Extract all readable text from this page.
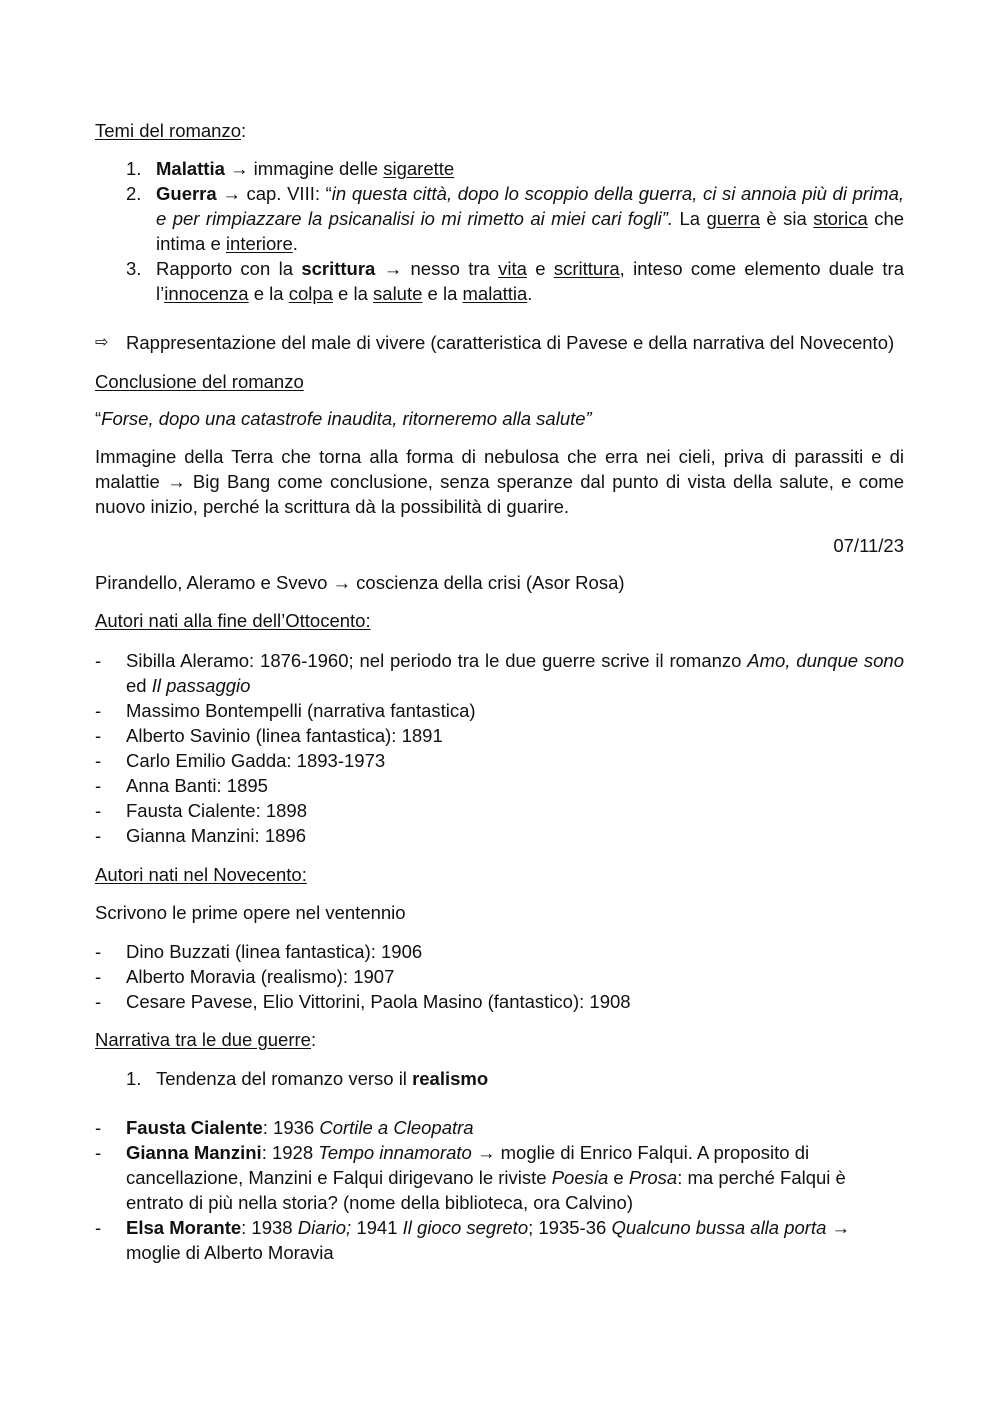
Temi del romanzo:

1. Malattia → immagine delle sigarette
2. Guerra → cap. VIII: “in questa città, dopo lo scoppio della guerra, ci si annoia più di prima, e per rimpiazzare la psicanalisi io mi rimetto ai miei cari fogli”. La guerra è sia storica che intima e interiore.
3. Rapporto con la scrittura → nesso tra vita e scrittura, inteso come elemento duale tra l’innocenza e la colpa e la salute e la malattia.

⇨ Rappresentazione del male di vivere (caratteristica di Pavese e della narrativa del Novecento)

Conclusione del romanzo

“Forse, dopo una catastrofe inaudita, ritorneremo alla salute”

Immagine della Terra che torna alla forma di nebulosa che erra nei cieli, priva di parassiti e di malattie → Big Bang come conclusione, senza speranze dal punto di vista della salute, e come nuovo inizio, perché la scrittura dà la possibilità di guarire.

07/11/23

Pirandello, Aleramo e Svevo → coscienza della crisi (Asor Rosa)

Autori nati alla fine dell’Ottocento:

- Sibilla Aleramo: 1876-1960; nel periodo tra le due guerre scrive il romanzo Amo, dunque sono ed Il passaggio
- Massimo Bontempelli (narrativa fantastica)
- Alberto Savinio (linea fantastica): 1891
- Carlo Emilio Gadda: 1893-1973
- Anna Banti: 1895
- Fausta Cialente: 1898
- Gianna Manzini: 1896

Autori nati nel Novecento:

Scrivono le prime opere nel ventennio

- Dino Buzzati (linea fantastica): 1906
- Alberto Moravia (realismo): 1907
- Cesare Pavese, Elio Vittorini, Paola Masino (fantastico): 1908

Narrativa tra le due guerre:

1. Tendenza del romanzo verso il realismo
- Fausta Cialente: 1936 Cortile a Cleopatra
- Gianna Manzini: 1928 Tempo innamorato → moglie di Enrico Falqui. A proposito di cancellazione, Manzini e Falqui dirigevano le riviste Poesia e Prosa: ma perché Falqui è entrato di più nella storia? (nome della biblioteca, ora Calvino)
- Elsa Morante: 1938 Diario; 1941 Il gioco segreto; 1935-36 Qualcuno bussa alla porta → moglie di Alberto Moravia
